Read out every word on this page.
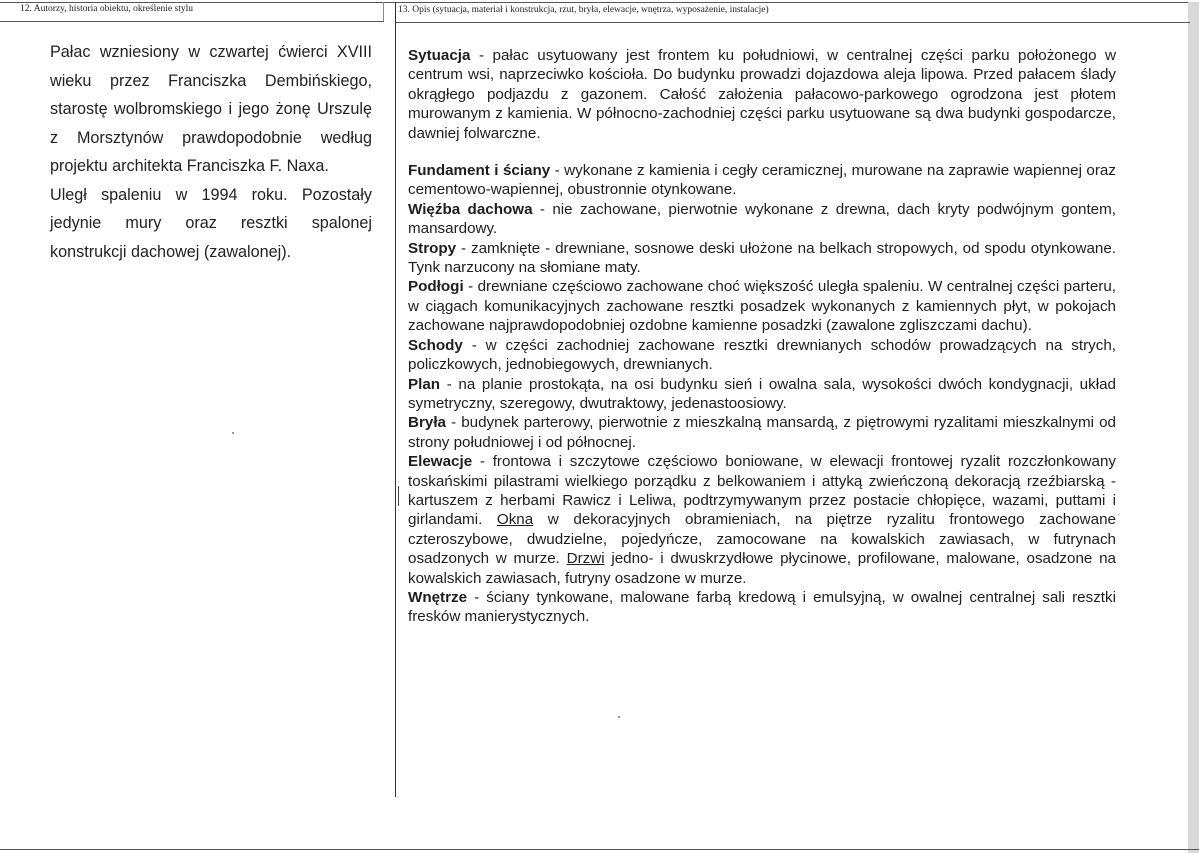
12. Autorzy, historia obiektu, określenie stylu	13. Opis (sytuacja, materiał i konstrukcja, rzut, bryła, elewacje, wnętrza, wyposażenie, instalacje)

Pałac wzniesiony w czwartej ćwierci XVIII wieku przez Franciszka Dembińskiego, starostę wolbromskiego i jego żonę Urszulę z Morsztynów prawdopodobnie według projektu architekta Franciszka F. Naxa.

Uległ spaleniu w 1994 roku. Pozostały jedynie mury oraz resztki spalonej konstrukcji dachowej (zawalonej).

Sytuacja - pałac usytuowany jest frontem ku południowi, w centralnej części parku położonego w centrum wsi, naprzeciwko kościoła. Do budynku prowadzi dojazdowa aleja lipowa. Przed pałacem ślady okrągłego podjazdu z gazonem. Całość założenia pałacowo-parkowego ogrodzona jest płotem murowanym z kamienia. W północno-zachodniej części parku usytuowane są dwa budynki gospodarcze, dawniej folwarczne.

Fundament i ściany - wykonane z kamienia i cegły ceramicznej, murowane na zaprawie wapiennej oraz cementowo-wapiennej, obustronnie otynkowane.

Więźba dachowa - nie zachowane, pierwotnie wykonane z drewna, dach kryty podwójnym gontem, mansardowy.

Stropy - zamknięte - drewniane, sosnowe deski ułożone na belkach stropowych, od spodu otynkowane. Tynk narzucony na słomiane maty.

Podłogi - drewniane częściowo zachowane choć większość uległa spaleniu. W centralnej części parteru, w ciągach komunikacyjnych zachowane resztki posadzek wykonanych z kamiennych płyt, w pokojach zachowane najprawdopodobniej ozdobne kamienne posadzki (zawalone zgliszczami dachu).

Schody - w części zachodniej zachowane resztki drewnianych schodów prowadzących na strych, policzkowych, jednobiegowych, drewnianych.

Plan - na planie prostokąta, na osi budynku sień i owalna sala, wysokości dwóch kondygnacji, układ symetryczny, szeregowy, dwutraktowy, jedenastoosiowy.

Bryła - budynek parterowy, pierwotnie z mieszkalną mansardą, z piętrowymi ryzalitami mieszkalnymi od strony południowej i od północnej.

Elewacje - frontowa i szczytowe częściowo boniowane, w elewacji frontowej ryzalit rozczłonkowany toskańskimi pilastrami wielkiego porządku z belkowaniem i attyką zwieńczoną dekoracją rzeźbiarską - kartuszem z herbami Rawicz i Leliwa, podtrzymywanym przez postacie chłopięce, wazami, puttami i girlandami. Okna w dekoracyjnych obramieniach, na piętrze ryzalitu frontowego zachowane czteroszybowe, dwudzielne, pojedyńcze, zamocowane na kowalskich zawiasach, w futrynach osadzonych w murze. Drzwi jedno- i dwuskrzydłowe płycinowe, profilowane, malowane, osadzone na kowalskich zawiasach, futryny osadzone w murze.

Wnętrze - ściany tynkowane, malowane farbą kredową i emulsyjną, w owalnej centralnej sali resztki fresków manierystycznych.
